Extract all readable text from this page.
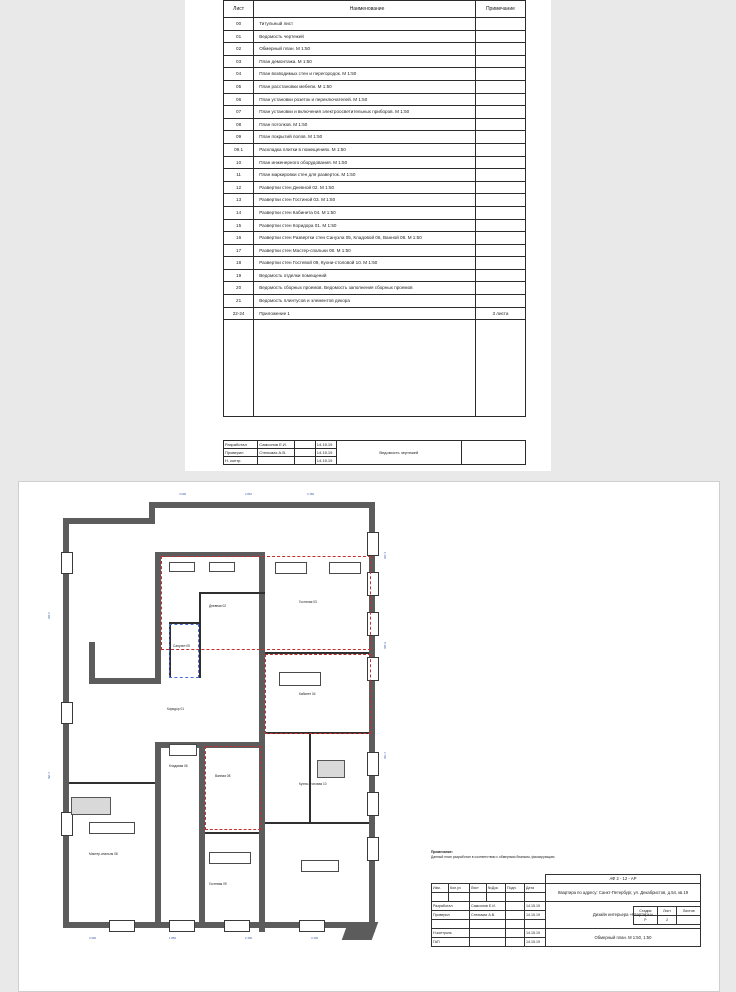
Лист	Наименование	Примечание
00	Титульный лист	
01	Ведомость чертежей	
02	Обмерный план. М 1:50	
03	План демонтажа. М 1:50	
04	План возводимых стен и перегородок. М 1:50	
05	План расстановки мебели. М 1:50	
06	План установки розеток и переключателей. М 1:50	
07	План установки и включения электроосветительных приборов. М 1:50	
08	План потолков. М 1:50	
09	План покрытий полов. М 1:50	
09.1	Раскладка плитки в помещениях. М 1:50	
10	План инженерного оборудования. М 1:50	
11	План маркировки стен для разверток. М 1:50	
12	Развертки стен Дневной 02. М 1:50	
13	Развертки стен Гостиной 03. М 1:50	
14	Развертки стен Кабинета 04. М 1:50	
15	Развертки стен Коридора 01. М 1:50	
16	Развертки стен Развертки стен Санузла 05, Кладовой 06, Ванной 08. М 1:50	
17	Развертки стен Мастер-спальни 08. М 1:50	
18	Развертки стен Гостевой 09, Кухни-столовой 10. М 1:50	
19	Ведомость отделки помещений	
20	Ведомость сборных проемов. Ведомость заполнения сборных проемов	
21	Ведомость плинтусов и элементов декора	
22-24	Приложение 1	3 листа

Разработал	Самсонов Е.И.		14.15.19	Ведомость чертежей	
Проверил	Стельмах А.В.		14.15.19		
Н. контр.			14.15.19		
Коридор 01
Дневная 02
Гостиная 03
Кабинет 04
Санузел 05
Кладовая 06
Ванная 08
Мастер-спальня 08
Гостевая 09
Кухня-столовая 10
4 600	2 810	3 150
1 200
5 400
2 700
3 900	1 850	2 400	4 100
3 300
2 150
Примечание:
Данный план разработан в соответствии с обмерным бланком, фиксирующим
						АФ 2 - 12 - АР
Изм.	Кол.уч	Лист	№Док	Подп.	Дата	Квартира по адресу: Санкт-Петербург, ул. Декабристов, д.54, кв.19

Разработал		Самсонов Е.И.			14.15.19	Дизайн интерьера «Квартиры»
Проверил		Стельмах А.В.			14.15.19	

Н.контроль					14.15.19	Обмерный план. М 1:50, 1:50
ГАП					14.15.19	
Стадия	Лист	Листов
Р	2	
